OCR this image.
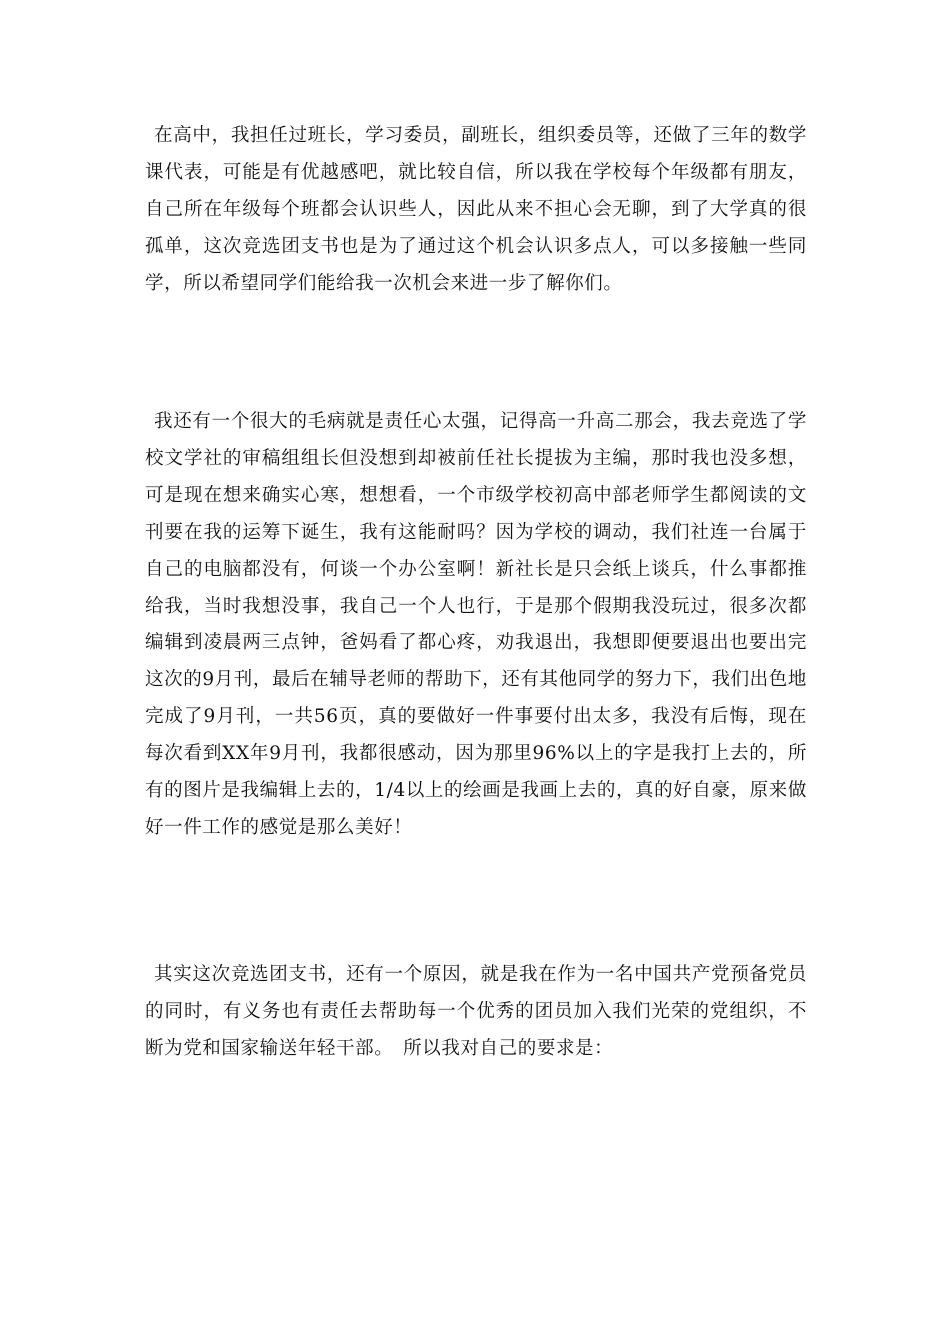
在高中，我担任过班长，学习委员，副班长，组织委员等，还做了三年的数学课代表，可能是有优越感吧，就比较自信，所以我在学校每个年级都有朋友，自己所在年级每个班都会认识些人，因此从来不担心会无聊，到了大学真的很孤单，这次竞选团支书也是为了通过这个机会认识多点人，可以多接触一些同学，所以希望同学们能给我一次机会来进一步了解你们。

我还有一个很大的毛病就是责任心太强，记得高一升高二那会，我去竞选了学校文学社的审稿组组长但没想到却被前任社长提拔为主编，那时我也没多想，可是现在想来确实心寒，想想看，一个市级学校初高中部老师学生都阅读的文刊要在我的运筹下诞生，我有这能耐吗？因为学校的调动，我们社连一台属于自己的电脑都没有，何谈一个办公室啊！新社长是只会纸上谈兵，什么事都推给我，当时我想没事，我自己一个人也行，于是那个假期我没玩过，很多次都编辑到凌晨两三点钟，爸妈看了都心疼，劝我退出，我想即便要退出也要出完这次的9月刊，最后在辅导老师的帮助下，还有其他同学的努力下，我们出色地完成了9月刊，一共56页，真的要做好一件事要付出太多，我没有后悔，现在每次看到XX年9月刊，我都很感动，因为那里96%以上的字是我打上去的，所有的图片是我编辑上去的，1/4以上的绘画是我画上去的，真的好自豪，原来做好一件工作的感觉是那么美好！

其实这次竞选团支书，还有一个原因，就是我在作为一名中国共产党预备党员的同时，有义务也有责任去帮助每一个优秀的团员加入我们光荣的党组织，不断为党和国家输送年轻干部。　所以我对自己的要求是：
